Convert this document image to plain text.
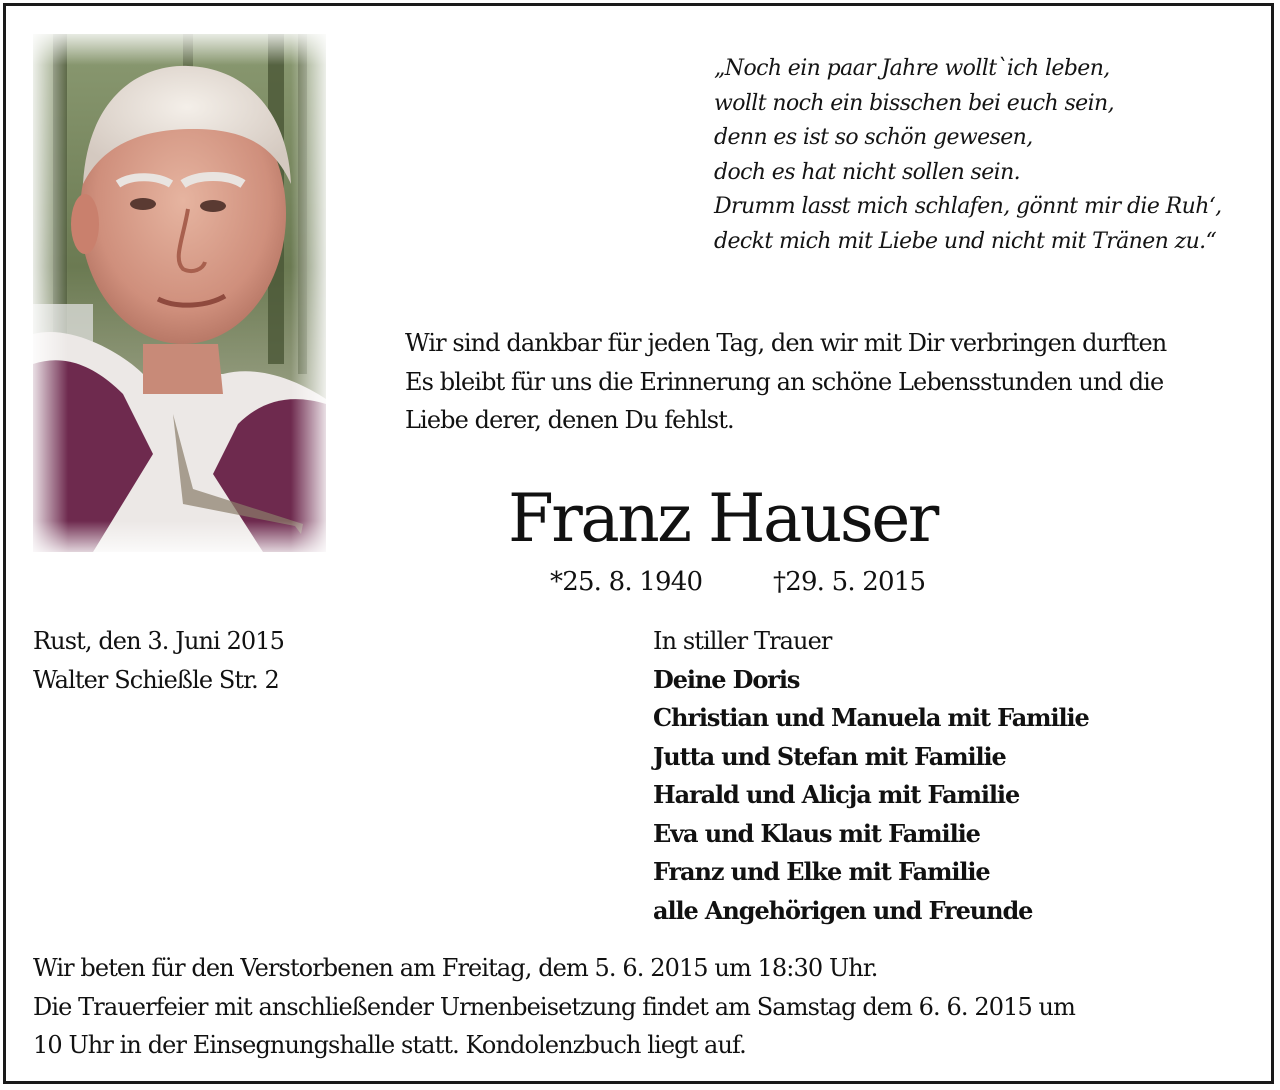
„Noch ein paar Jahre wollt`ich leben,
wollt noch ein bisschen bei euch sein,
denn es ist so schön gewesen,
doch es hat nicht sollen sein.
Drumm lasst mich schlafen, gönnt mir die Ruh‘,
deckt mich mit Liebe und nicht mit Tränen zu.“
Wir sind dankbar für jeden Tag, den wir mit Dir verbringen durften
Es bleibt für uns die Erinnerung an schöne Lebensstunden und die
Liebe derer, denen Du fehlst.
Franz Hauser
*25. 8. 1940	†29. 5. 2015
Rust, den 3. Juni 2015
Walter Schießle Str. 2
In stiller Trauer
Deine Doris
Christian und Manuela mit Familie
Jutta und Stefan mit Familie
Harald und Alicja mit Familie
Eva und Klaus mit Familie
Franz und Elke mit Familie
alle Angehörigen und Freunde
Wir beten für den Verstorbenen am Freitag, dem 5. 6. 2015 um 18:30 Uhr.
Die Trauerfeier mit anschließender Urnenbeisetzung findet am Samstag dem 6. 6. 2015 um
10 Uhr in der Einsegnungshalle statt. Kondolenzbuch liegt auf.
